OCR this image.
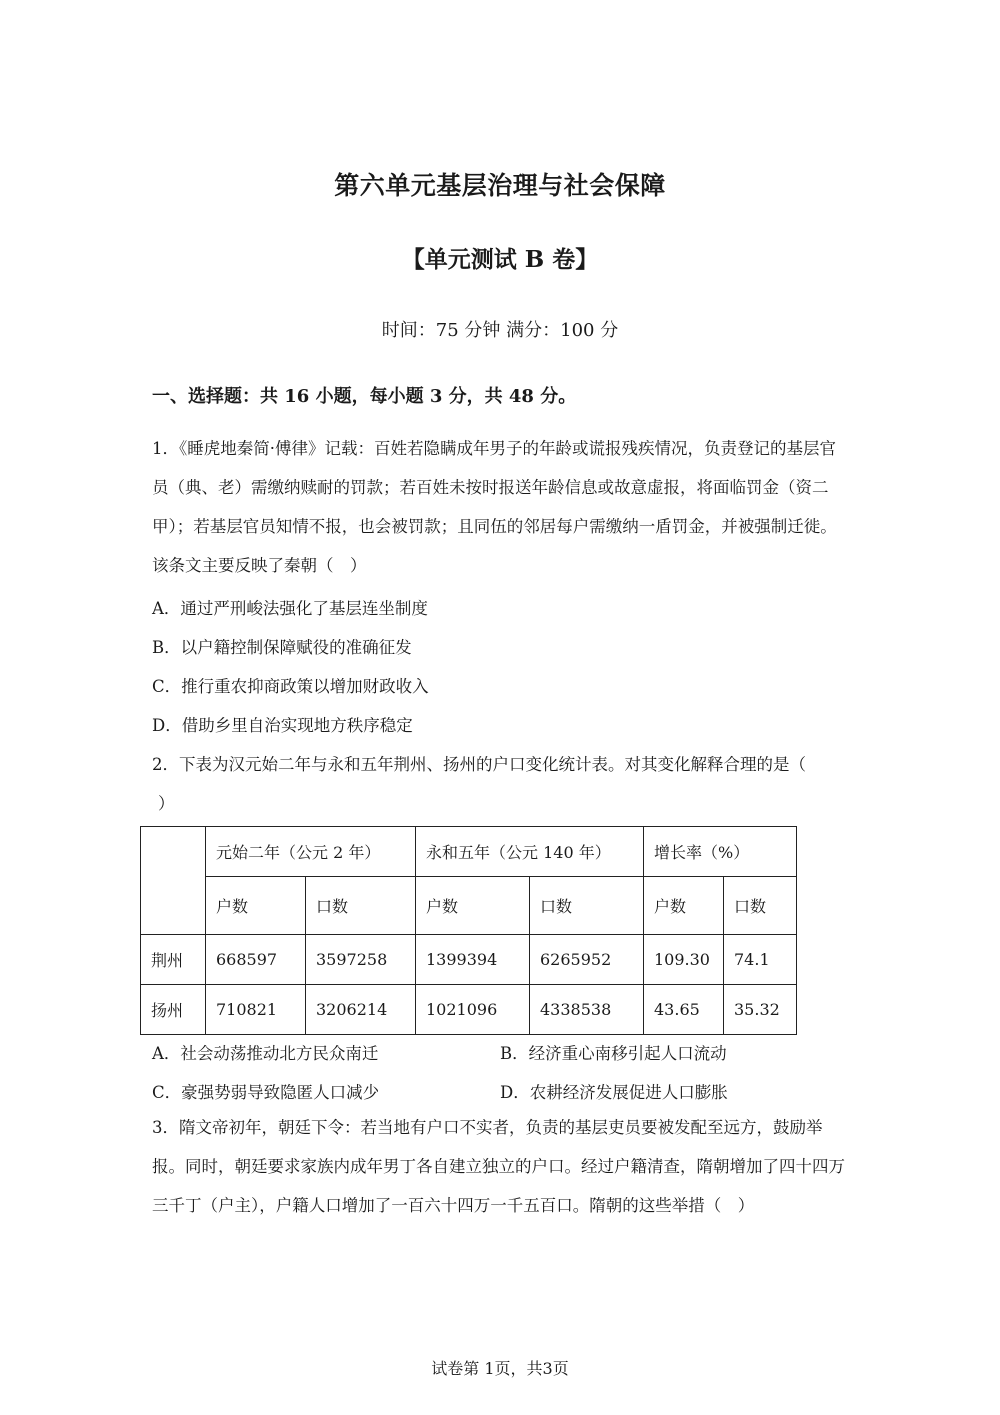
第六单元基层治理与社会保障
【单元测试 B 卷】
时间：75 分钟 满分：100 分
一、选择题：共 16 小题，每小题 3 分，共 48 分。
1．《睡虎地秦简·傅律》记载：百姓若隐瞒成年男子的年龄或谎报残疾情况，负责登记的基层官员（典、老）需缴纳赎耐的罚款；若百姓未按时报送年龄信息或故意虚报，将面临罚金（资二甲）；若基层官员知情不报，也会被罚款；且同伍的邻居每户需缴纳一盾罚金，并被强制迁徙。该条文主要反映了秦朝（　）
A．通过严刑峻法强化了基层连坐制度
B．以户籍控制保障赋役的准确征发
C．推行重农抑商政策以增加财政收入
D．借助乡里自治实现地方秩序稳定
2．下表为汉元始二年与永和五年荆州、扬州的户口变化统计表。对其变化解释合理的是（
）
	元始二年（公元 2 年）		永和五年（公元 140 年）		增长率（%）	
	户数	口数	户数	口数	户数	口数
荆州	668597	3597258	1399394	6265952	109.30	74.1
扬州	710821	3206214	1021096	4338538	43.65	35.32
A．社会动荡推动北方民众南迁	B．经济重心南移引起人口流动
C．豪强势弱导致隐匿人口减少	D．农耕经济发展促进人口膨胀
3．隋文帝初年，朝廷下令：若当地有户口不实者，负责的基层吏员要被发配至远方，鼓励举报。同时，朝廷要求家族内成年男丁各自建立独立的户口。经过户籍清查，隋朝增加了四十四万三千丁（户主），户籍人口增加了一百六十四万一千五百口。隋朝的这些举措（　）
试卷第 1页，共3页
